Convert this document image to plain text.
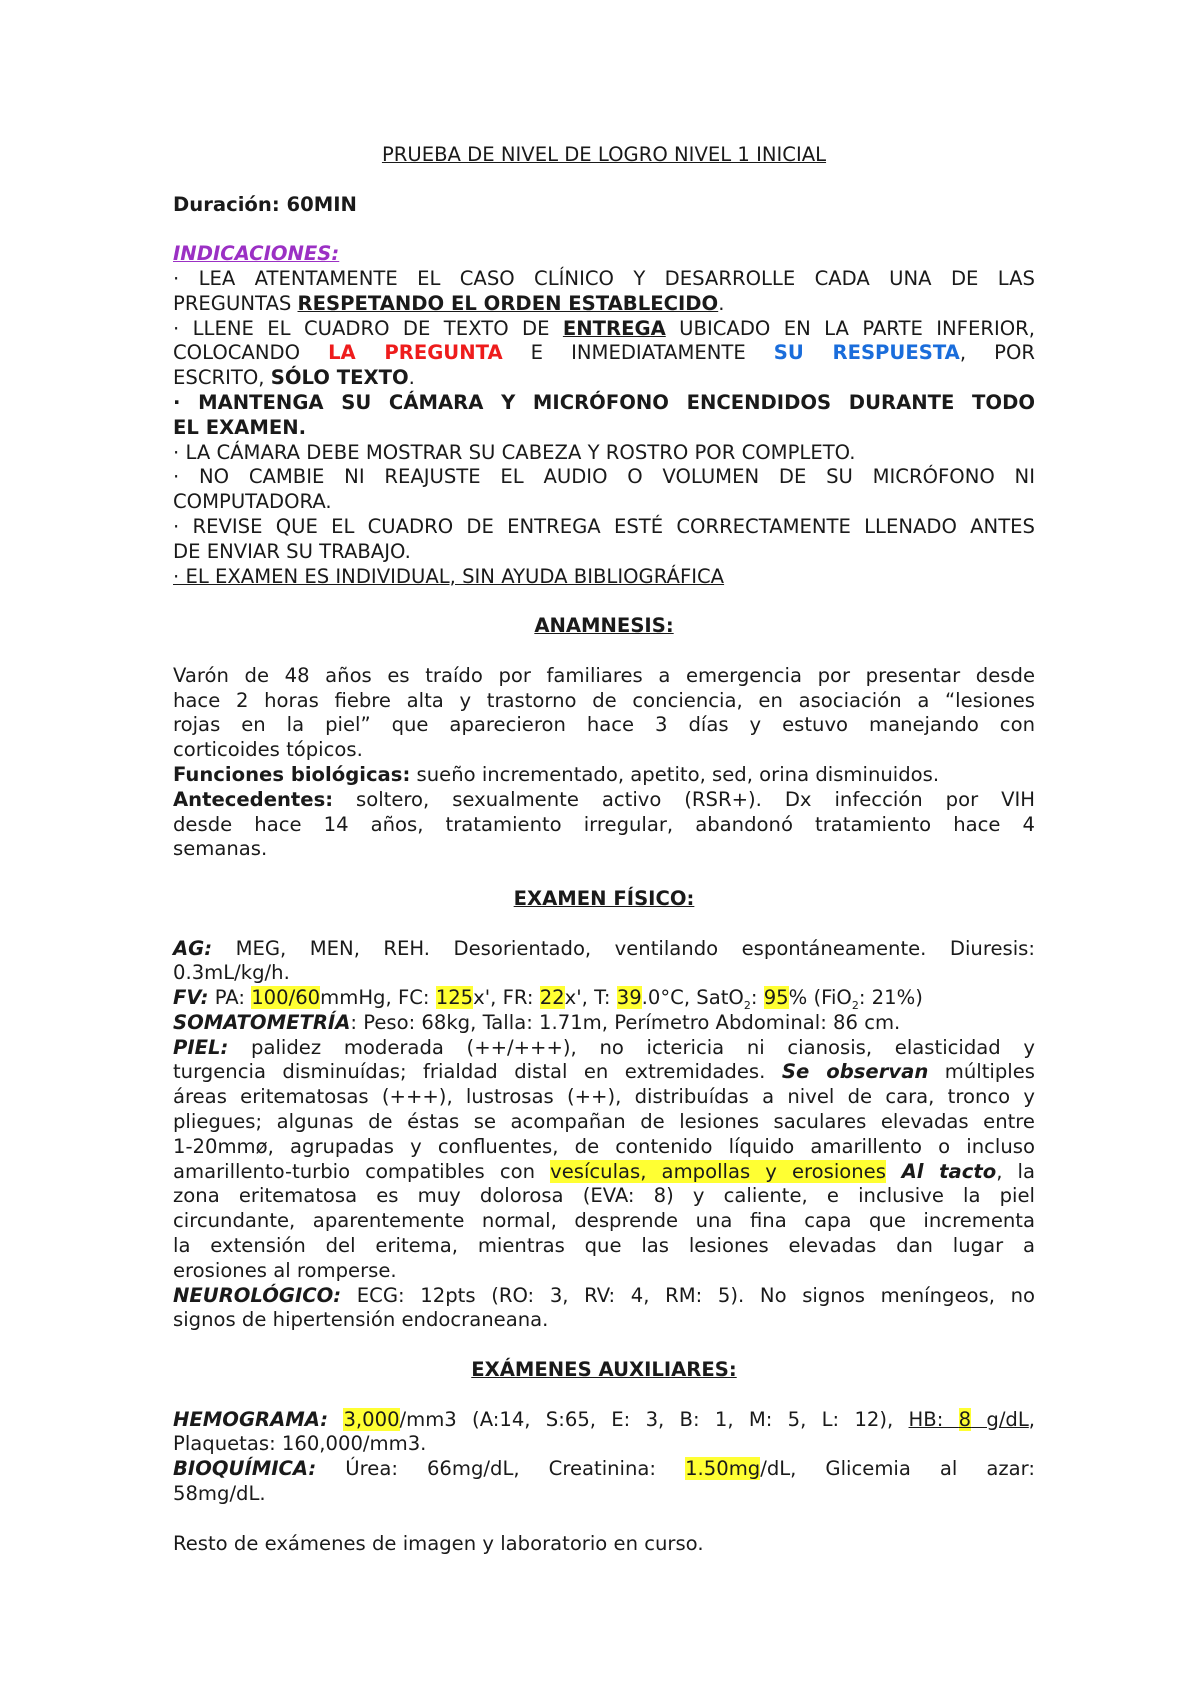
PRUEBA DE NIVEL DE LOGRO NIVEL 1 INICIAL
Duración: 60MIN
INDICACIONES:
· LEA ATENTAMENTE EL CASO CLÍNICO Y DESARROLLE CADA UNA DE LAS
PREGUNTAS RESPETANDO EL ORDEN ESTABLECIDO.
· LLENE EL CUADRO DE TEXTO DE ENTREGA UBICADO EN LA PARTE INFERIOR,
COLOCANDO LA PREGUNTA E INMEDIATAMENTE SU RESPUESTA, POR
ESCRITO, SÓLO TEXTO.
· MANTENGA SU CÁMARA Y MICRÓFONO ENCENDIDOS DURANTE TODO
EL EXAMEN.
· LA CÁMARA DEBE MOSTRAR SU CABEZA Y ROSTRO POR COMPLETO.
· NO CAMBIE NI REAJUSTE EL AUDIO O VOLUMEN DE SU MICRÓFONO NI
COMPUTADORA.
· REVISE QUE EL CUADRO DE ENTREGA ESTÉ CORRECTAMENTE LLENADO ANTES
DE ENVIAR SU TRABAJO.
· EL EXAMEN ES INDIVIDUAL, SIN AYUDA BIBLIOGRÁFICA
ANAMNESIS:
Varón de 48 años es traído por familiares a emergencia por presentar desde
hace 2 horas fiebre alta y trastorno de conciencia, en asociación a “lesiones
rojas en la piel” que aparecieron hace 3 días y estuvo manejando con
corticoides tópicos.
Funciones biológicas: sueño incrementado, apetito, sed, orina disminuidos.
Antecedentes: soltero, sexualmente activo (RSR+). Dx infección por VIH
desde hace 14 años, tratamiento irregular, abandonó tratamiento hace 4
semanas.
EXAMEN FÍSICO:
AG: MEG, MEN, REH. Desorientado, ventilando espontáneamente. Diuresis:
0.3mL/kg/h.
FV: PA: 100/60mmHg, FC: 125x', FR: 22x', T: 39.0°C, SatO$_2$: 95% (FiO$_2$: 21%)
SOMATOMETRÍA: Peso: 68kg, Talla: 1.71m, Perímetro Abdominal: 86 cm.
PIEL: palidez moderada (++/+++), no ictericia ni cianosis, elasticidad y
turgencia disminuídas; frialdad distal en extremidades. Se observan múltiples
áreas eritematosas (+++), lustrosas (++), distribuídas a nivel de cara, tronco y
pliegues; algunas de éstas se acompañan de lesiones saculares elevadas entre
1-20mmø, agrupadas y confluentes, de contenido líquido amarillento o incluso
amarillento-turbio compatibles con vesículas, ampollas y erosiones Al tacto, la
zona eritematosa es muy dolorosa (EVA: 8) y caliente, e inclusive la piel
circundante, aparentemente normal, desprende una fina capa que incrementa
la extensión del eritema, mientras que las lesiones elevadas dan lugar a
erosiones al romperse.
NEUROLÓGICO: ECG: 12pts (RO: 3, RV: 4, RM: 5). No signos meníngeos, no
signos de hipertensión endocraneana.
EXÁMENES AUXILIARES:
HEMOGRAMA: 3,000/mm3 (A:14, S:65, E: 3, B: 1, M: 5, L: 12), HB: 8 g/dL,
Plaquetas: 160,000/mm3.
BIOQUÍMICA: Úrea: 66mg/dL, Creatinina: 1.50mg/dL, Glicemia al azar:
58mg/dL.
Resto de exámenes de imagen y laboratorio en curso.
